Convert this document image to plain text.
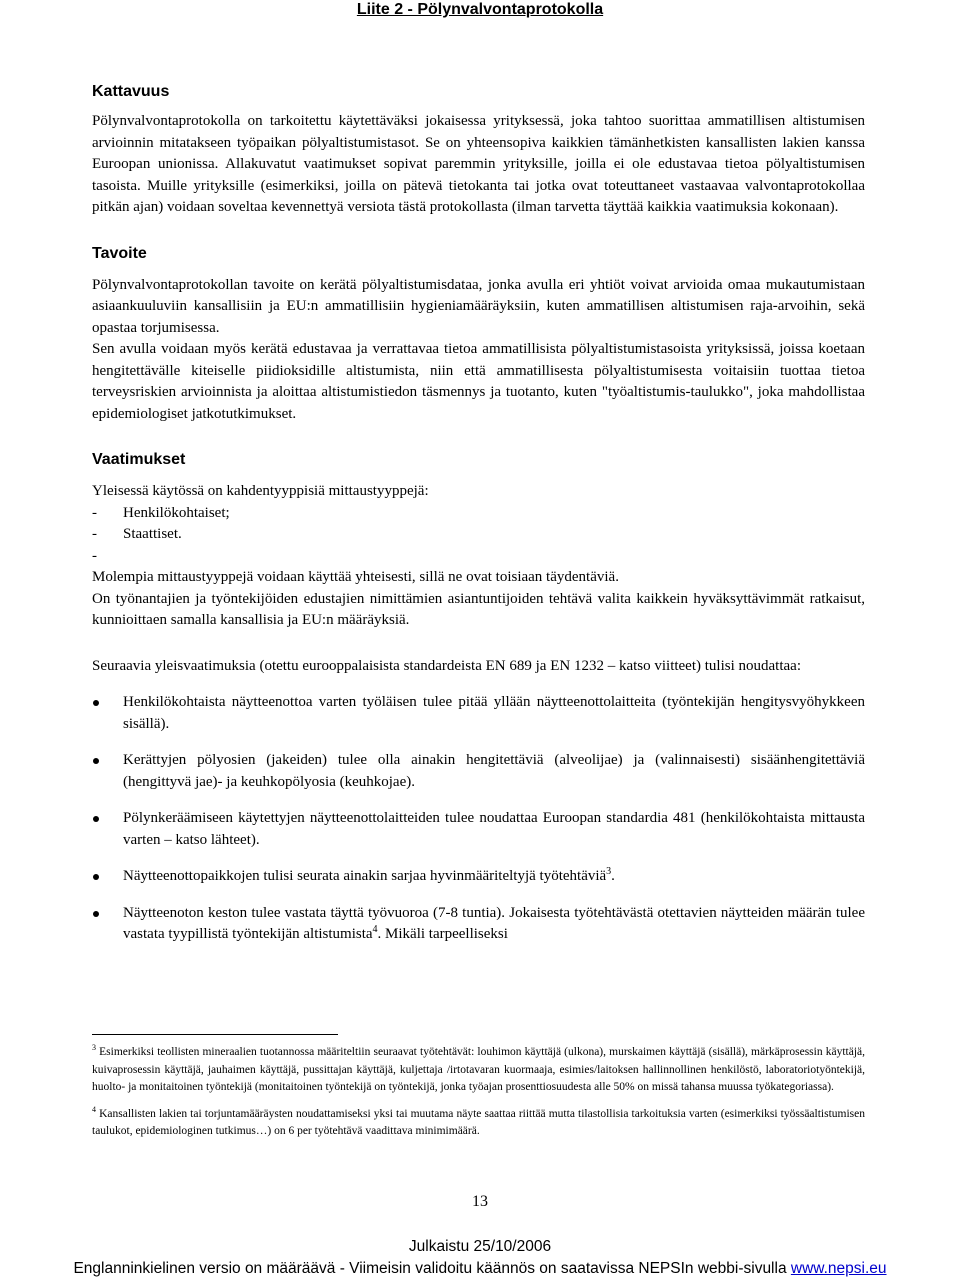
Liite 2 - Pölynvalvontaprotokolla
Kattavuus

Pölynvalvontaprotokolla on tarkoitettu käytettäväksi jokaisessa yrityksessä, joka tahtoo suorittaa ammatillisen altistumisen arvioinnin mitatakseen työpaikan pölyaltistumistasot. Se on yhteensopiva kaikkien tämänhetkisten kansallisten lakien kanssa Euroopan unionissa. Allakuvatut vaatimukset sopivat paremmin yrityksille, joilla ei ole edustavaa tietoa pölyaltistumisen tasoista. Muille yrityksille (esimerkiksi, joilla on pätevä tietokanta tai jotka ovat toteuttaneet vastaavaa valvontaprotokollaa pitkän ajan) voidaan soveltaa kevennettyä versiota tästä protokollasta (ilman tarvetta täyttää kaikkia vaatimuksia kokonaan).

Tavoite

Pölynvalvontaprotokollan tavoite on kerätä pölyaltistumisdataa, jonka avulla eri yhtiöt voivat arvioida omaa mukautumistaan asiaankuuluviin kansallisiin ja EU:n ammatillisiin hygieniamääräyksiin, kuten ammatillisen altistumisen raja-arvoihin, sekä opastaa torjumisessa.

Sen avulla voidaan myös kerätä edustavaa ja verrattavaa tietoa ammatillisista pölyaltistumistasoista yrityksissä, joissa koetaan hengitettävälle kiteiselle piidioksidille altistumista, niin että ammatillisesta pölyaltistumisesta voitaisiin tuottaa tietoa terveysriskien arvioinnista ja aloittaa altistumistiedon täsmennys ja tuotanto, kuten "työaltistumis-taulukko", joka mahdollistaa epidemiologiset jatkotutkimukset.

Vaatimukset

Yleisessä käytössä on kahdentyyppisiä mittaustyyppejä:

-	Henkilökohtaiset;
-	Staattiset.
-

Molempia mittaustyyppejä voidaan käyttää yhteisesti, sillä ne ovat toisiaan täydentäviä.

On työnantajien ja työntekijöiden edustajien nimittämien asiantuntijoiden tehtävä valita kaikkein hyväksyttävimmät ratkaisut, kunnioittaen samalla kansallisia ja EU:n määräyksiä.

Seuraavia yleisvaatimuksia (otettu eurooppalaisista standardeista EN 689 ja EN 1232 – katso viitteet) tulisi noudattaa:

Henkilökohtaista näytteenottoa varten työläisen tulee pitää yllään näytteenottolaitteita (työntekijän hengitysvyöhykkeen sisällä).
Kerättyjen pölyosien (jakeiden) tulee olla ainakin hengitettäviä (alveolijae) ja (valinnaisesti) sisäänhengitettäviä (hengittyvä jae)- ja keuhkopölyosia (keuhkojae).
Pölynkeräämiseen käytettyjen näytteenottolaitteiden tulee noudattaa Euroopan standardia 481 (henkilökohtaista mittausta varten – katso lähteet).
Näytteenottopaikkojen tulisi seurata ainakin sarjaa hyvinmääriteltyjä työtehtäviä$^3$.
Näytteenoton keston tulee vastata täyttä työvuoroa (7-8 tuntia). Jokaisesta työtehtävästä otettavien näytteiden määrän tulee vastata tyypillistä työntekijän altistumista$^4$. Mikäli tarpeelliseksi

$^3$ Esimerkiksi teollisten mineraalien tuotannossa määriteltiin seuraavat työtehtävät: louhimon käyttäjä (ulkona), murskaimen käyttäjä (sisällä), märkäprosessin käyttäjä, kuivaprosessin käyttäjä, jauhaimen käyttäjä, pussittajan käyttäjä, kuljettaja /irtotavaran kuormaaja, esimies/laitoksen hallinnollinen henkilöstö, laboratoriotyöntekijä, huolto- ja monitaitoinen työntekijä (monitaitoinen työntekijä on työntekijä, jonka työajan prosenttiosuudesta alle 50% on missä tahansa muussa työkategoriassa).

$^4$ Kansallisten lakien tai torjuntamääräysten noudattamiseksi yksi tai muutama näyte saattaa riittää mutta tilastollisia tarkoituksia varten (esimerkiksi työssäaltistumisen taulukot, epidemiologinen tutkimus…) on 6 per työtehtävä vaadittava minimimäärä.

13
Julkaistu 25/10/2006
Englanninkielinen versio on määräävä - Viimeisin validoitu käännös on saatavissa NEPSIn webbi-sivulla www.nepsi.eu
